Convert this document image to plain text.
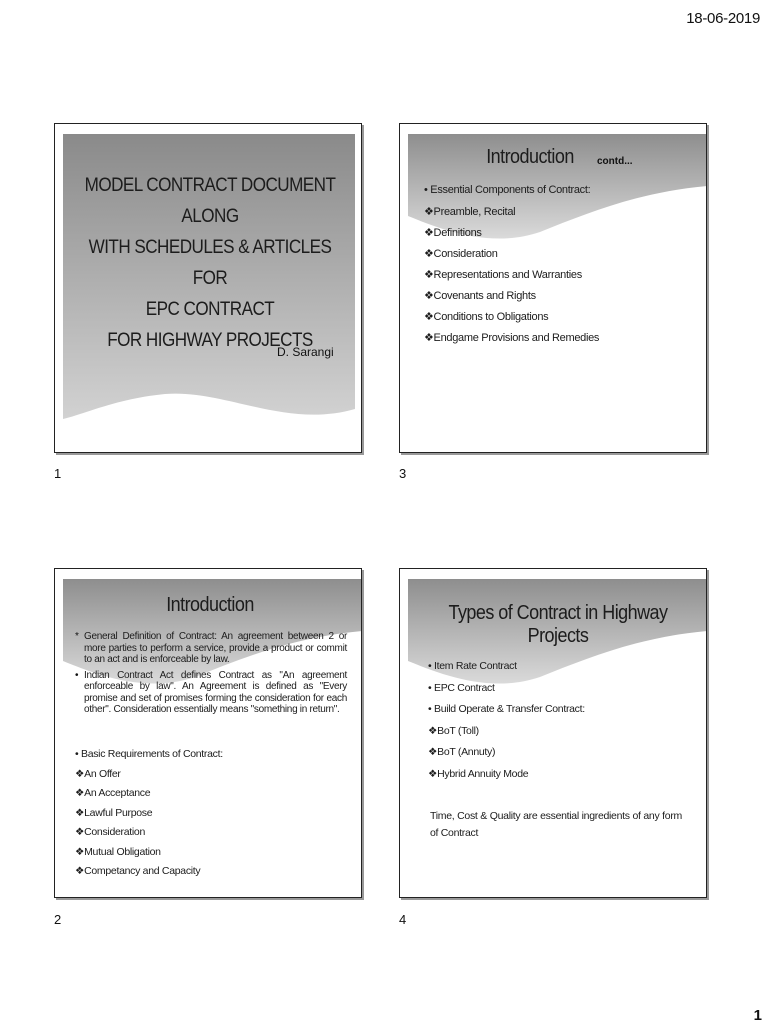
18-06-2019
MODEL CONTRACT DOCUMENT ALONG
WITH SCHEDULES & ARTICLES FOR
EPC CONTRACT
FOR HIGHWAY PROJECTS
D. Sarangi
1
Introduction	contd...
• Essential Components of Contract:
❖Preamble, Recital
❖Definitions
❖Consideration
❖Representations and Warranties
❖Covenants and Rights
❖Conditions to Obligations
❖Endgame Provisions and Remedies
3
Introduction
* General Definition of Contract: An agreement between 2 or more parties to perform a service, provide a product or commit to an act and is enforceable by law.
• Indian Contract Act defines Contract as "An agreement enforceable by law". An Agreement is defined as "Every promise and set of promises forming the consideration for each other". Consideration essentially means "something in return".
• Basic Requirements of Contract:
❖An Offer
❖An Acceptance
❖Lawful Purpose
❖Consideration
❖Mutual Obligation
❖Competancy and Capacity
2
Types of Contract in Highway Projects
• Item Rate Contract
• EPC Contract
• Build Operate & Transfer Contract:
❖BoT (Toll)
❖BoT (Annuty)
❖Hybrid Annuity Mode
Time, Cost & Quality are essential ingredients of any form of Contract
4
1
